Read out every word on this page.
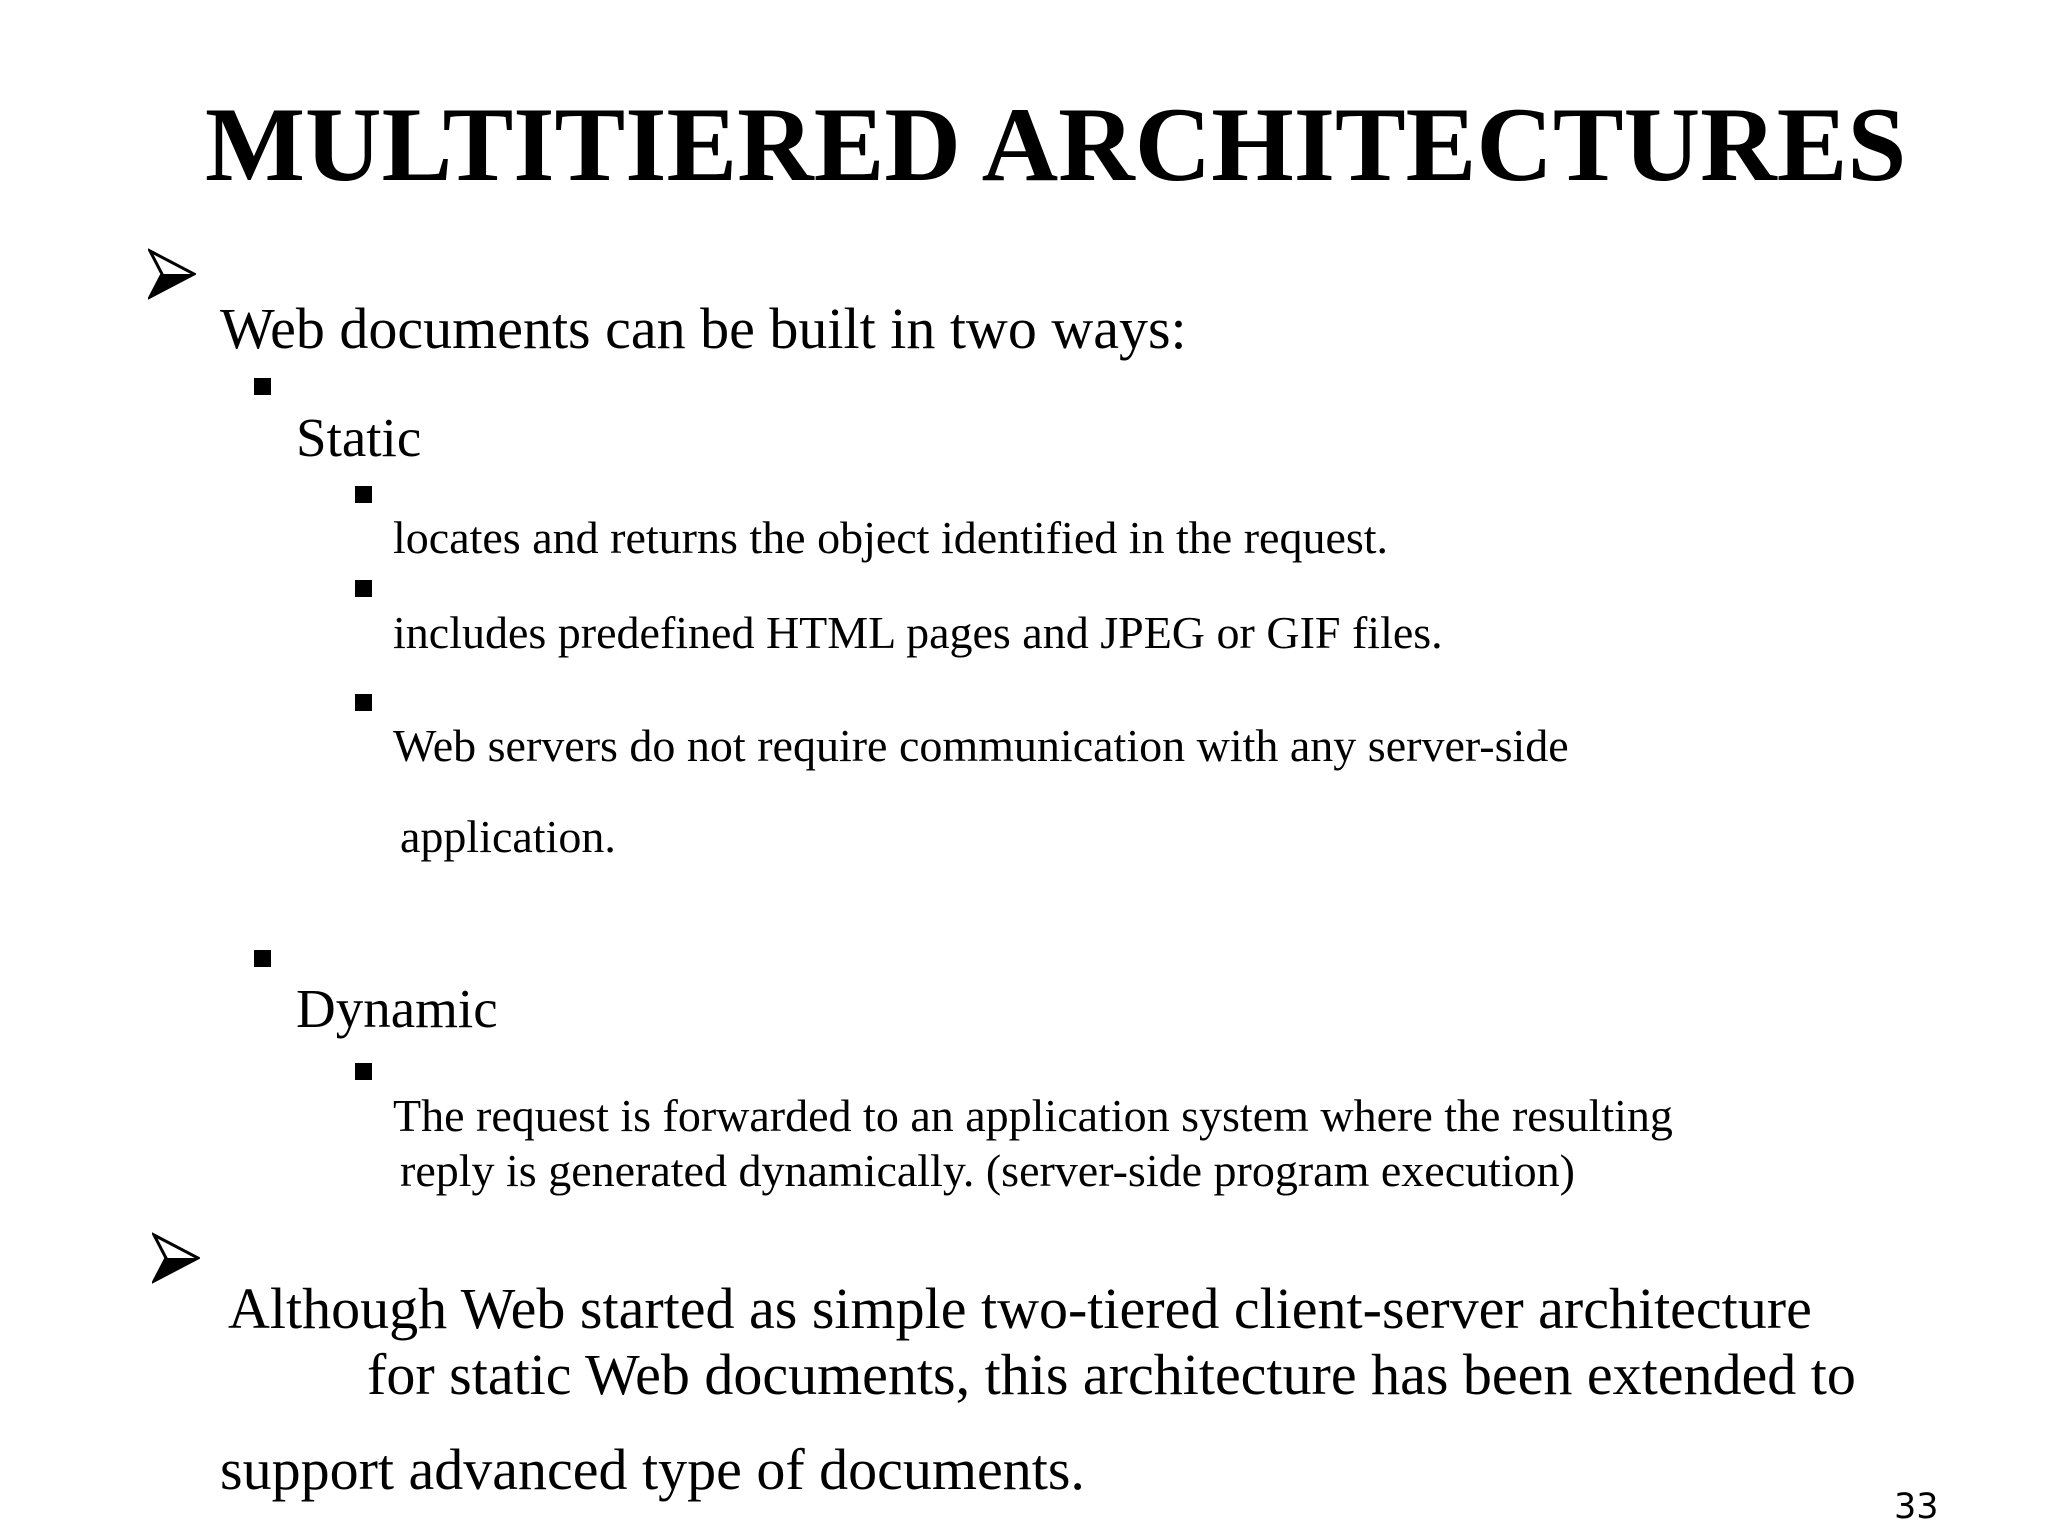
MULTITIERED ARCHITECTURES
Web documents can be built in two ways:
Static
locates and returns the object identified in the request.
includes predefined HTML pages and JPEG or GIF files.
Web servers do not require communication with any server-side
application.
Dynamic
The request is forwarded to an application system where the resulting
reply is generated dynamically. (server-side program execution)
Although Web started as simple two-tiered client-server architecture
for static Web documents, this architecture has been extended to
support advanced type of documents.
33
